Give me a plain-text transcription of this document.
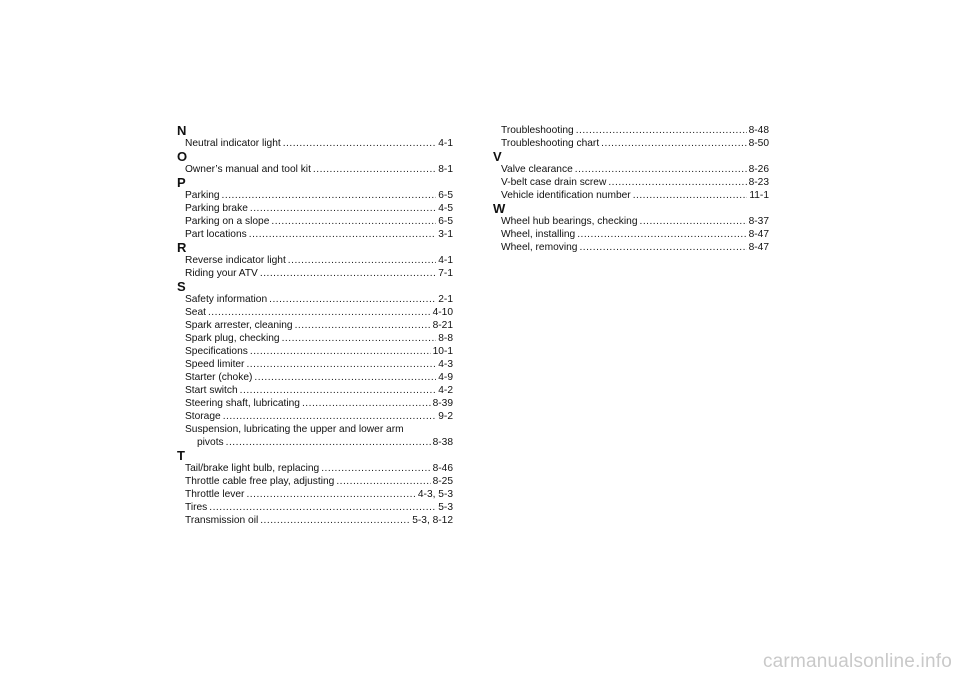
N
Neutral indicator light .....	4-1
O
Owner’s manual and tool kit .....	8-1
P
Parking .....	6-5
Parking brake .....	4-5
Parking on a slope .....	6-5
Part locations .....	3-1
R
Reverse indicator light .....	4-1
Riding your ATV .....	7-1
S
Safety information .....	2-1
Seat .....	4-10
Spark arrester, cleaning .....	8-21
Spark plug, checking .....	8-8
Specifications .....	10-1
Speed limiter .....	4-3
Starter (choke) .....	4-9
Start switch .....	4-2
Steering shaft, lubricating .....	8-39
Storage .....	9-2
Suspension, lubricating the upper and lower arm
pivots .....	8-38
T
Tail/brake light bulb, replacing .....	8-46
Throttle cable free play, adjusting .....	8-25
Throttle lever .....	4-3, 5-3
Tires .....	5-3
Transmission oil .....	5-3, 8-12
Troubleshooting .....	8-48
Troubleshooting chart .....	8-50
V
Valve clearance .....	8-26
V-belt case drain screw .....	8-23
Vehicle identification number .....	11-1
W
Wheel hub bearings, checking .....	8-37
Wheel, installing .....	8-47
Wheel, removing .....	8-47
carmanualsonline.info
